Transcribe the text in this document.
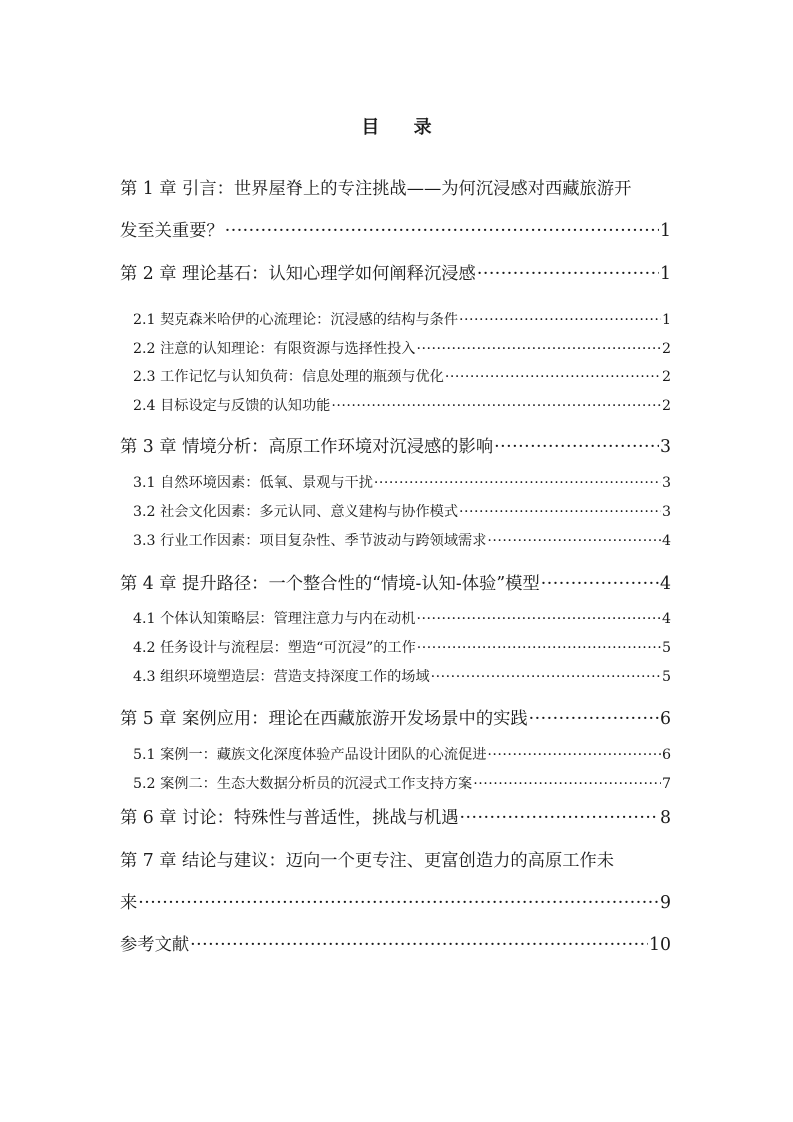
目 录
第 1 章 引言：世界屋脊上的专注挑战——为何沉浸感对西藏旅游开
发至关重要？ ·····	1
第 2 章 理论基石：认知心理学如何阐释沉浸感 ·····	1
2.1 契克森米哈伊的心流理论：沉浸感的结构与条件 ·····	1
2.2 注意的认知理论：有限资源与选择性投入 ·····	2
2.3 工作记忆与认知负荷：信息处理的瓶颈与优化 ·····	2
2.4 目标设定与反馈的认知功能 ·····	2
第 3 章 情境分析：高原工作环境对沉浸感的影响 ·····	3
3.1 自然环境因素：低氧、景观与干扰 ·····	3
3.2 社会文化因素：多元认同、意义建构与协作模式 ·····	3
3.3 行业工作因素：项目复杂性、季节波动与跨领域需求 ·····	4
第 4 章 提升路径：一个整合性的“情境-认知-体验”模型 ·····	4
4.1 个体认知策略层：管理注意力与内在动机 ·····	4
4.2 任务设计与流程层：塑造“可沉浸”的工作 ·····	5
4.3 组织环境塑造层：营造支持深度工作的场域 ·····	5
第 5 章 案例应用：理论在西藏旅游开发场景中的实践 ·····	6
5.1 案例一：藏族文化深度体验产品设计团队的心流促进 ·····	6
5.2 案例二：生态大数据分析员的沉浸式工作支持方案 ·····	7
第 6 章 讨论：特殊性与普适性，挑战与机遇 ·····	8
第 7 章 结论与建议：迈向一个更专注、更富创造力的高原工作未
来 ·····	9
参考文献 ·····	10
